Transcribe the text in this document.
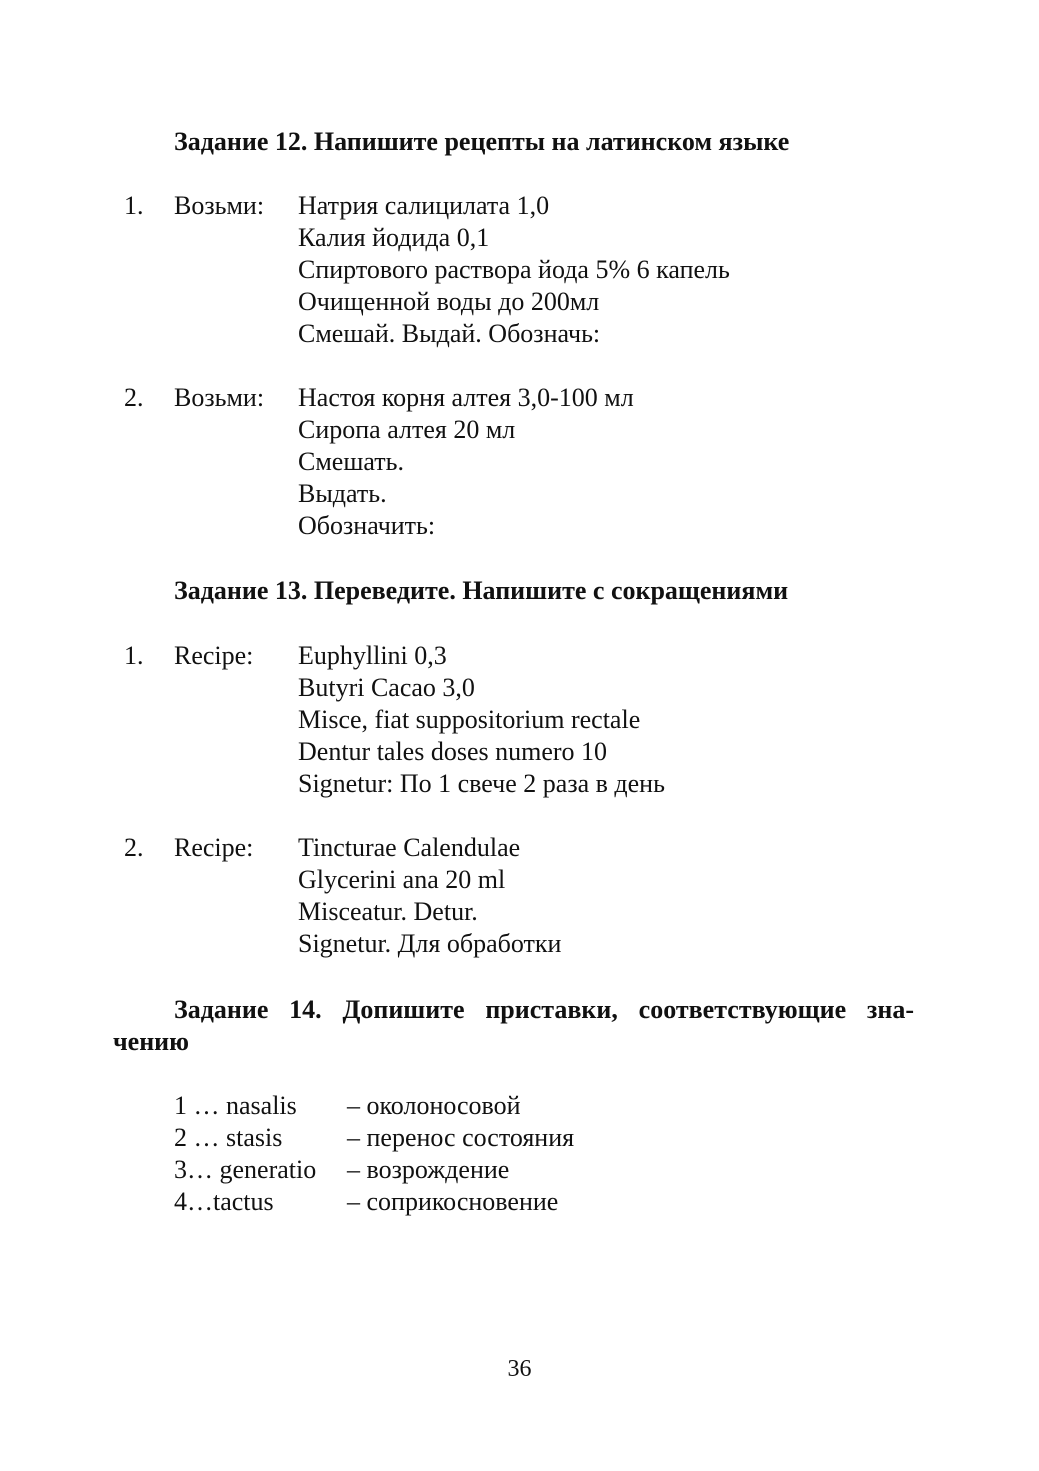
Задание 12. Напишите рецепты на латинском языке
1. Возьми: Натрия салицилата 1,0
Калия йодида 0,1
Спиртового раствора йода 5% 6 капель
Очищенной воды до 200мл
Смешай. Выдай. Обозначь:
2. Возьми: Настоя корня алтея 3,0-100 мл
Сиропа алтея 20 мл
Смешать.
Выдать.
Обозначить:
Задание 13. Переведите. Напишите с сокращениями
1. Recipe: Euphyllini 0,3
Butyri Cacao 3,0
Misce, fiat suppositorium rectale
Dentur tales doses numero 10
Signetur: По 1 свече 2 раза в день
2. Recipe: Tincturae Calendulae
Glycerini ana 20 ml
Misceatur. Detur.
Signetur. Для обработки
Задание 14. Допишите приставки, соответствующие зна-
чению
1 … nasalis – околоносовой
2 … stasis – перенос состояния
3… generatio – возрождение
4…tactus	– соприкосновение
36
